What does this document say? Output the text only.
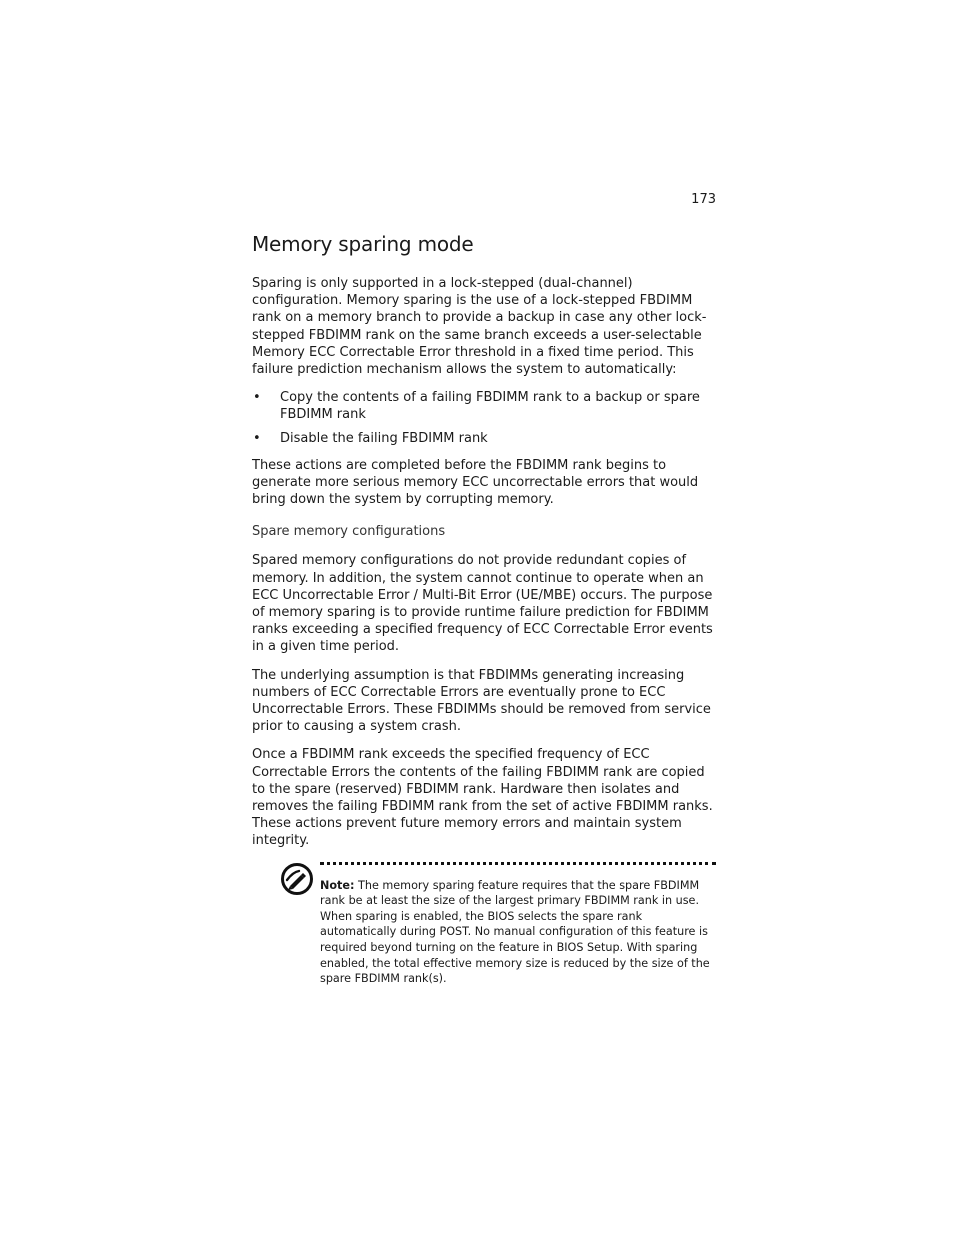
173
Memory sparing mode

Sparing is only supported in a lock-stepped (dual-channel) configuration. Memory sparing is the use of a lock-stepped FBDIMM rank on a memory branch to provide a backup in case any other lock-stepped FBDIMM rank on the same branch exceeds a user-selectable Memory ECC Correctable Error threshold in a fixed time period. This failure prediction mechanism allows the system to automatically:

• Copy the contents of a failing FBDIMM rank to a backup or spare FBDIMM rank
• Disable the failing FBDIMM rank

These actions are completed before the FBDIMM rank begins to generate more serious memory ECC uncorrectable errors that would bring down the system by corrupting memory.

Spare memory configurations

Spared memory configurations do not provide redundant copies of memory. In addition, the system cannot continue to operate when an ECC Uncorrectable Error / Multi-Bit Error (UE/MBE) occurs. The purpose of memory sparing is to provide runtime failure prediction for FBDIMM ranks exceeding a specified frequency of ECC Correctable Error events in a given time period.

The underlying assumption is that FBDIMMs generating increasing numbers of ECC Correctable Errors are eventually prone to ECC Uncorrectable Errors. These FBDIMMs should be removed from service prior to causing a system crash.

Once a FBDIMM rank exceeds the specified frequency of ECC Correctable Errors the contents of the failing FBDIMM rank are copied to the spare (reserved) FBDIMM rank. Hardware then isolates and removes the failing FBDIMM rank from the set of active FBDIMM ranks. These actions prevent future memory errors and maintain system integrity.

Note: The memory sparing feature requires that the spare FBDIMM rank be at least the size of the largest primary FBDIMM rank in use. When sparing is enabled, the BIOS selects the spare rank automatically during POST. No manual configuration of this feature is required beyond turning on the feature in BIOS Setup. With sparing enabled, the total effective memory size is reduced by the size of the spare FBDIMM rank(s).
